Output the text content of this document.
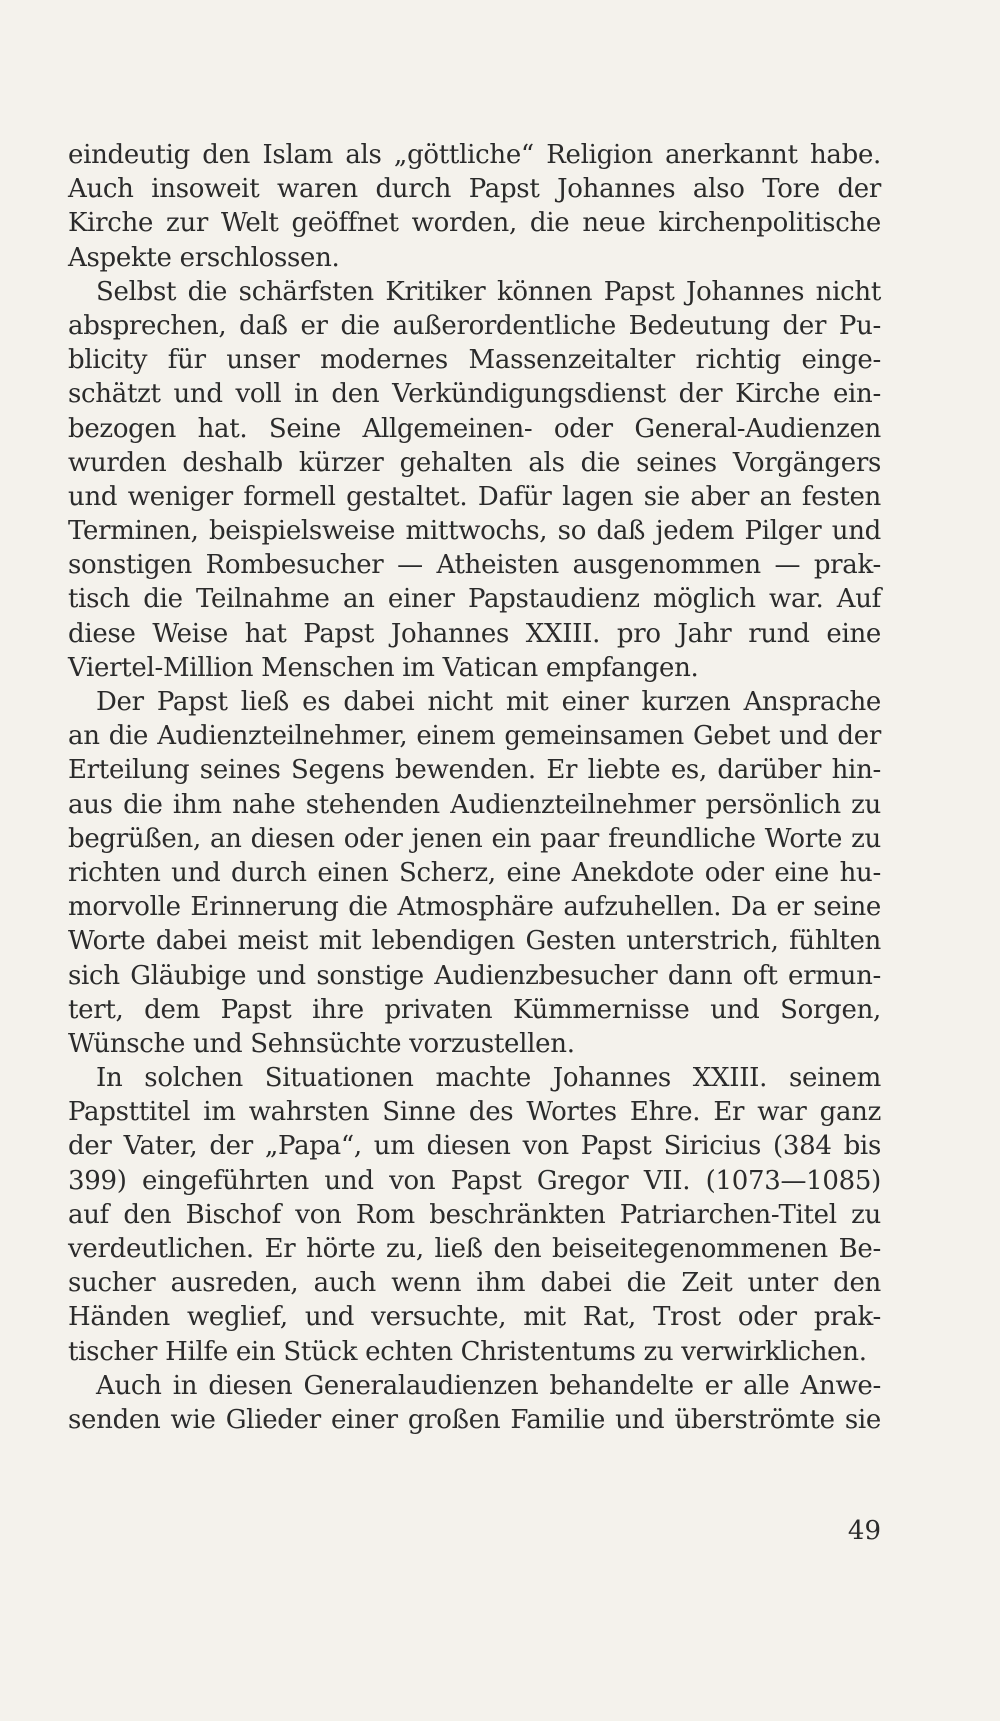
eindeutig den Islam als „göttliche“ Religion anerkannt habe.
Auch insoweit waren durch Papst Johannes also Tore der
Kirche zur Welt geöffnet worden, die neue kirchenpolitische
Aspekte erschlossen.
Selbst die schärfsten Kritiker können Papst Johannes nicht
absprechen, daß er die außerordentliche Bedeutung der Pu-
blicity für unser modernes Massenzeitalter richtig einge-
schätzt und voll in den Verkündigungsdienst der Kirche ein-
bezogen hat. Seine Allgemeinen- oder General-Audienzen
wurden deshalb kürzer gehalten als die seines Vorgängers
und weniger formell gestaltet. Dafür lagen sie aber an festen
Terminen, beispielsweise mittwochs, so daß jedem Pilger und
sonstigen Rombesucher — Atheisten ausgenommen — prak-
tisch die Teilnahme an einer Papstaudienz möglich war. Auf
diese Weise hat Papst Johannes XXIII. pro Jahr rund eine
Viertel-Million Menschen im Vatican empfangen.
Der Papst ließ es dabei nicht mit einer kurzen Ansprache
an die Audienzteilnehmer, einem gemeinsamen Gebet und der
Erteilung seines Segens bewenden. Er liebte es, darüber hin-
aus die ihm nahe stehenden Audienzteilnehmer persönlich zu
begrüßen, an diesen oder jenen ein paar freundliche Worte zu
richten und durch einen Scherz, eine Anekdote oder eine hu-
morvolle Erinnerung die Atmosphäre aufzuhellen. Da er seine
Worte dabei meist mit lebendigen Gesten unterstrich, fühlten
sich Gläubige und sonstige Audienzbesucher dann oft ermun-
tert, dem Papst ihre privaten Kümmernisse und Sorgen,
Wünsche und Sehnsüchte vorzustellen.
In solchen Situationen machte Johannes XXIII. seinem
Papsttitel im wahrsten Sinne des Wortes Ehre. Er war ganz
der Vater, der „Papa“, um diesen von Papst Siricius (384 bis
399) eingeführten und von Papst Gregor VII. (1073—1085)
auf den Bischof von Rom beschränkten Patriarchen-Titel zu
verdeutlichen. Er hörte zu, ließ den beiseitegenommenen Be-
sucher ausreden, auch wenn ihm dabei die Zeit unter den
Händen weglief, und versuchte, mit Rat, Trost oder prak-
tischer Hilfe ein Stück echten Christentums zu verwirklichen.
Auch in diesen Generalaudienzen behandelte er alle Anwe-
senden wie Glieder einer großen Familie und überströmte sie
49
